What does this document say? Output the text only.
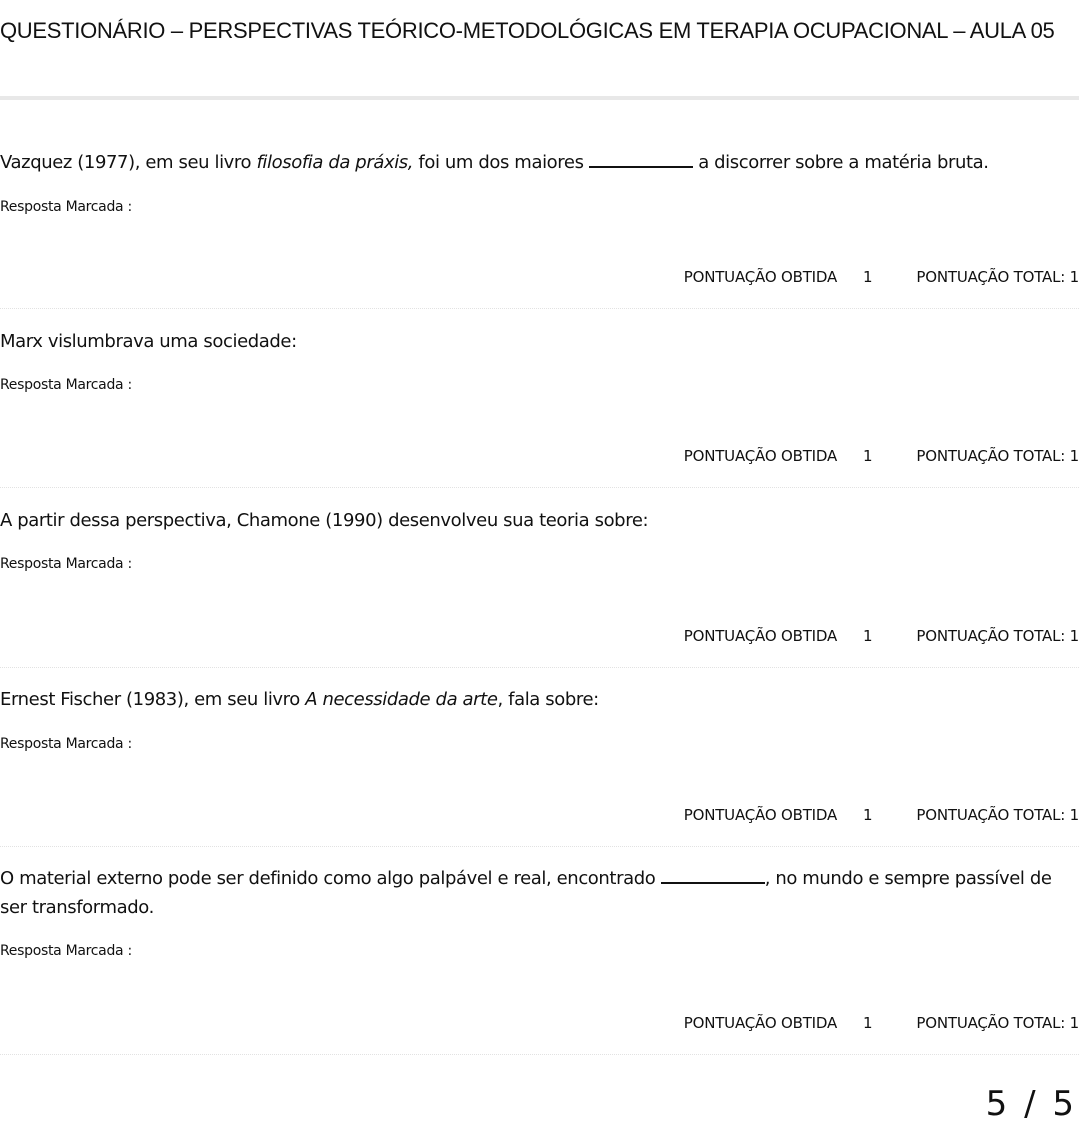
QUESTIONÁRIO – PERSPECTIVAS TEÓRICO-METODOLÓGICAS EM TERAPIA OCUPACIONAL – AULA 05
Vazquez (1977), em seu livro filosofia da práxis, foi um dos maiores	a discorrer sobre a matéria bruta.
Resposta Marcada :
PONTUAÇÃO OBTIDA 1	PONTUAÇÃO TOTAL: 1
Marx vislumbrava uma sociedade:
Resposta Marcada :
PONTUAÇÃO OBTIDA 1	PONTUAÇÃO TOTAL: 1
A partir dessa perspectiva, Chamone (1990) desenvolveu sua teoria sobre:
Resposta Marcada :
PONTUAÇÃO OBTIDA 1	PONTUAÇÃO TOTAL: 1
Ernest Fischer (1983), em seu livro A necessidade da arte, fala sobre:
Resposta Marcada :
PONTUAÇÃO OBTIDA 1	PONTUAÇÃO TOTAL: 1
O material externo pode ser definido como algo palpável e real, encontrado	, no mundo e sempre passível de ser transformado.
Resposta Marcada :
PONTUAÇÃO OBTIDA 1	PONTUAÇÃO TOTAL: 1
5 / 5
